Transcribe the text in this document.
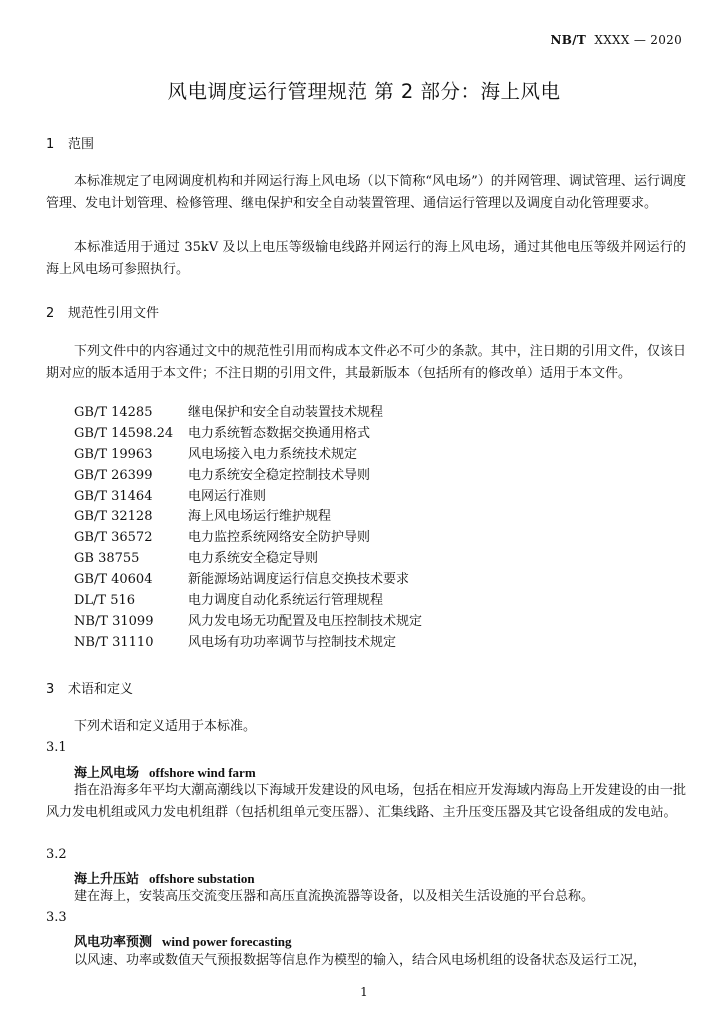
NB/T XXXX — 2020
风电调度运行管理规范 第 2 部分：海上风电
1 范围

本标准规定了电网调度机构和并网运行海上风电场（以下简称“风电场”）的并网管理、调试管理、运行调度管理、发电计划管理、检修管理、继电保护和安全自动装置管理、通信运行管理以及调度自动化管理要求。

本标准适用于通过 35kV 及以上电压等级输电线路并网运行的海上风电场，通过其他电压等级并网运行的海上风电场可参照执行。

2 规范性引用文件

下列文件中的内容通过文中的规范性引用而构成本文件必不可少的条款。其中，注日期的引用文件，仅该日期对应的版本适用于本文件；不注日期的引用文件，其最新版本（包括所有的修改单）适用于本文件。

GB/T 14285	继电保护和安全自动装置技术规程
GB/T 14598.24 电力系统暂态数据交换通用格式
GB/T 19963	风电场接入电力系统技术规定
GB/T 26399	电力系统安全稳定控制技术导则
GB/T 31464	电网运行准则
GB/T 32128	海上风电场运行维护规程
GB/T 36572	电力监控系统网络安全防护导则
GB 38755	电力系统安全稳定导则
GB/T 40604	新能源场站调度运行信息交换技术要求
DL/T 516	电力调度自动化系统运行管理规程
NB/T 31099	风力发电场无功配置及电压控制技术规定
NB/T 31110	风电场有功功率调节与控制技术规定
3 术语和定义

下列术语和定义适用于本标准。

3.1
海上风电场 offshore wind farm

指在沿海多年平均大潮高潮线以下海域开发建设的风电场，包括在相应开发海域内海岛上开发建设的由一批风力发电机组或风力发电机组群（包括机组单元变压器）、汇集线路、主升压变压器及其它设备组成的发电站。

3.2
海上升压站 offshore substation

建在海上，安装高压交流变压器和高压直流换流器等设备，以及相关生活设施的平台总称。

3.3
风电功率预测 wind power forecasting

以风速、功率或数值天气预报数据等信息作为模型的输入，结合风电场机组的设备状态及运行工况，

1
